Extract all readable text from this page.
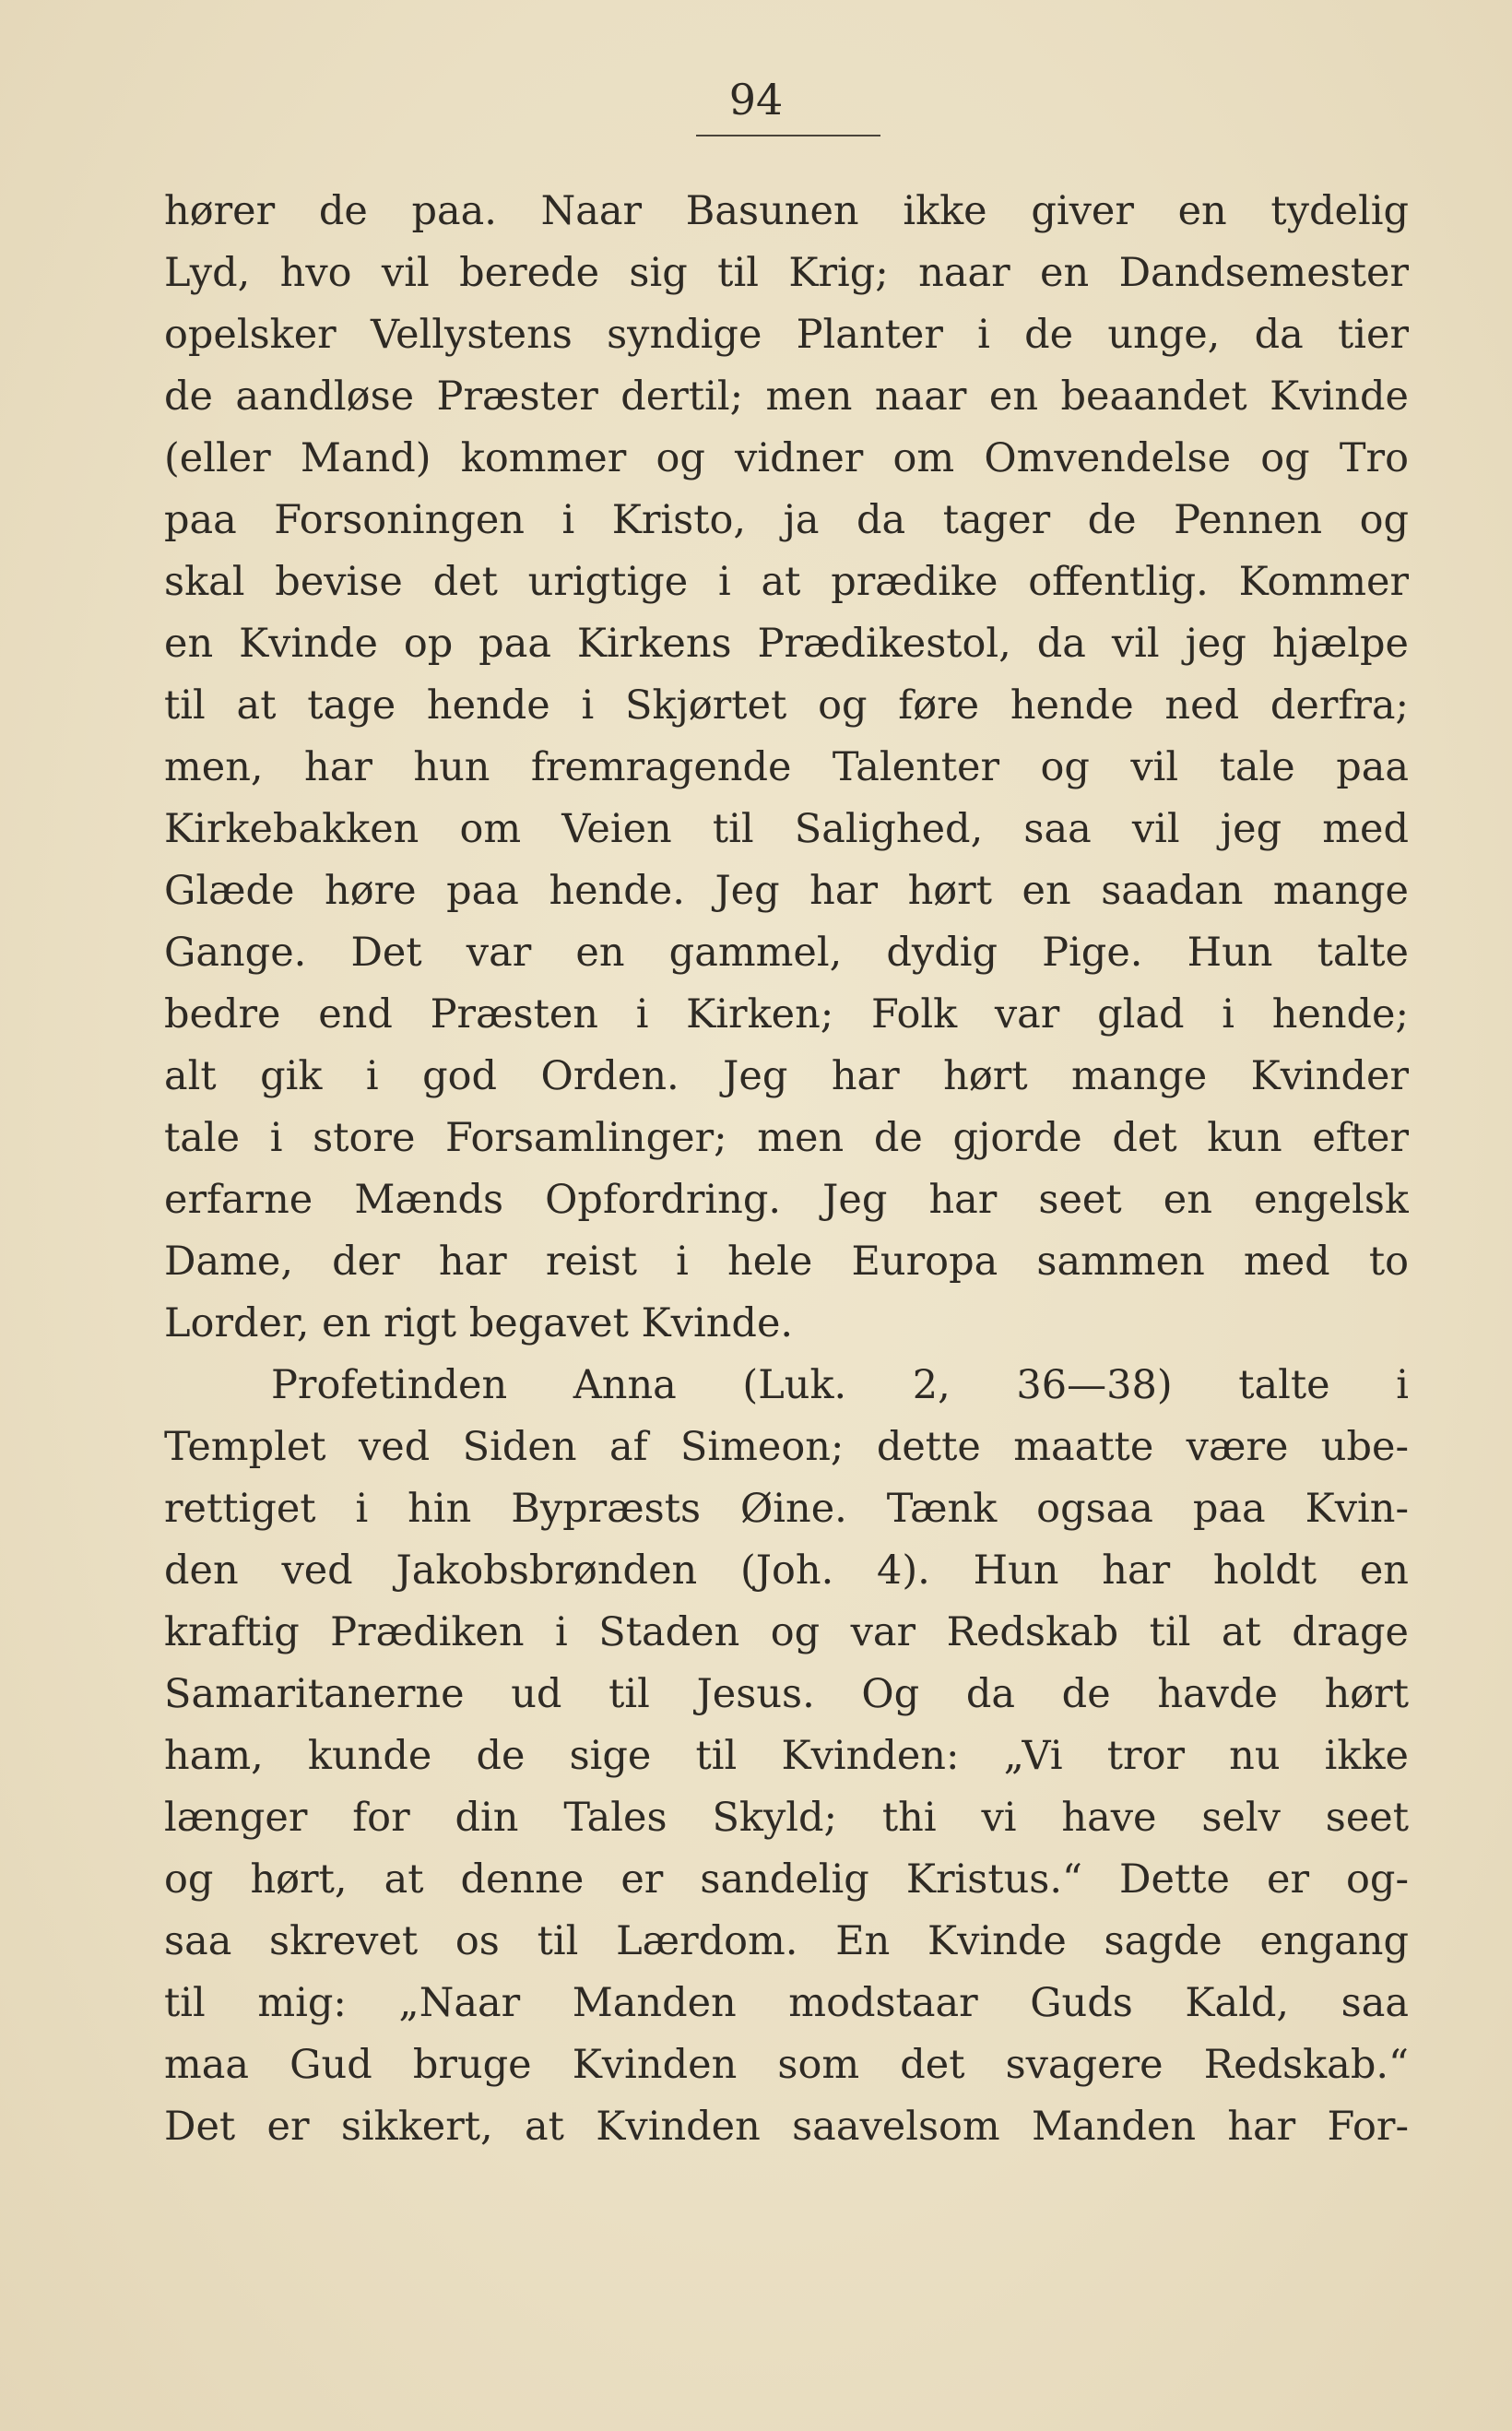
94
hører de paa. Naar Basunen ikke giver en tydelig
Lyd, hvo vil berede sig til Krig; naar en Dandsemester
opelsker Vellystens syndige Planter i de unge, da tier
de aandløse Præster dertil; men naar en beaandet Kvinde
(eller Mand) kommer og vidner om Omvendelse og Tro
paa Forsoningen i Kristo, ja da tager de Pennen og
skal bevise det urigtige i at prædike offentlig. Kommer
en Kvinde op paa Kirkens Prædikestol, da vil jeg hjælpe
til at tage hende i Skjørtet og føre hende ned derfra;
men, har hun fremragende Talenter og vil tale paa
Kirkebakken om Veien til Salighed, saa vil jeg med
Glæde høre paa hende. Jeg har hørt en saadan mange
Gange. Det var en gammel, dydig Pige. Hun talte
bedre end Præsten i Kirken; Folk var glad i hende;
alt gik i god Orden. Jeg har hørt mange Kvinder
tale i store Forsamlinger; men de gjorde det kun efter
erfarne Mænds Opfordring. Jeg har seet en engelsk
Dame, der har reist i hele Europa sammen med to
Lorder, en rigt begavet Kvinde.
Profetinden Anna (Luk. 2, 36—38) talte i
Templet ved Siden af Simeon; dette maatte være ube-
rettiget i hin Bypræsts Øine. Tænk ogsaa paa Kvin-
den ved Jakobsbrønden (Joh. 4). Hun har holdt en
kraftig Prædiken i Staden og var Redskab til at drage
Samaritanerne ud til Jesus. Og da de havde hørt
ham, kunde de sige til Kvinden: „Vi tror nu ikke
længer for din Tales Skyld; thi vi have selv seet
og hørt, at denne er sandelig Kristus.“ Dette er og-
saa skrevet os til Lærdom. En Kvinde sagde engang
til mig: „Naar Manden modstaar Guds Kald, saa
maa Gud bruge Kvinden som det svagere Redskab.“
Det er sikkert, at Kvinden saavelsom Manden har For-
